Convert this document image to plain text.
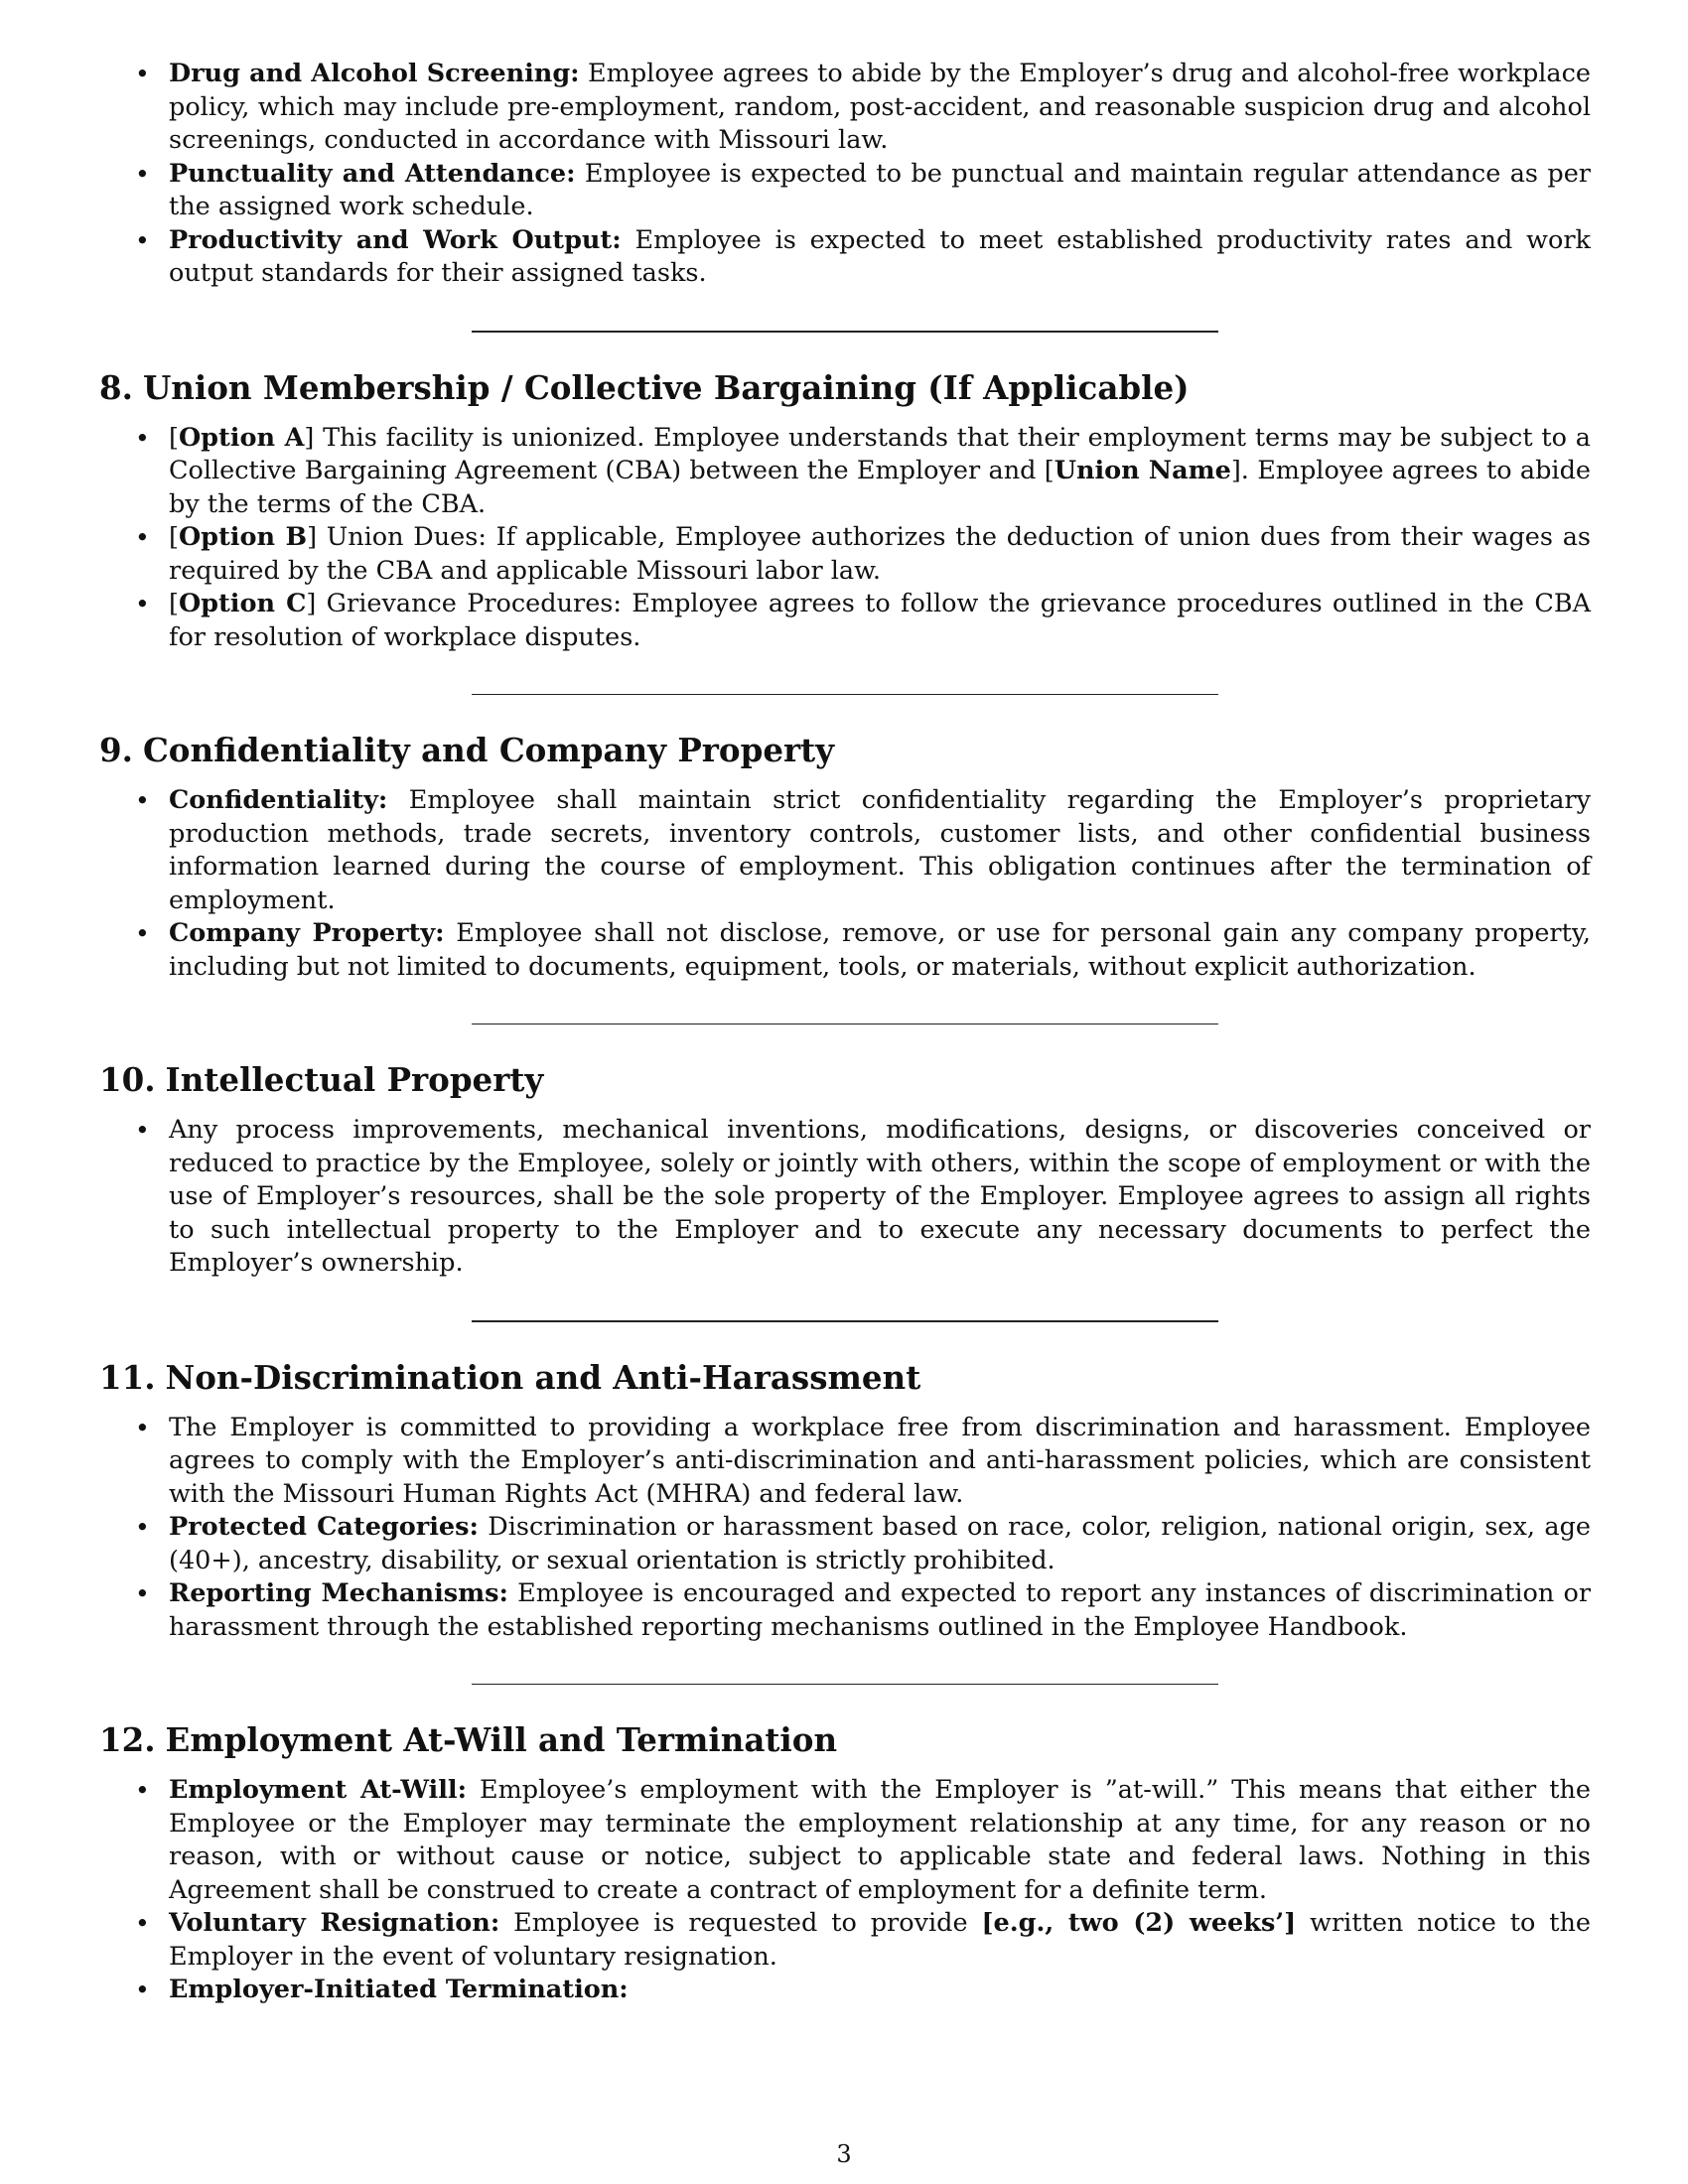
• Drug and Alcohol Screening: Employee agrees to abide by the Employer’s drug and alcohol-free workplace policy, which may include pre-employment, random, post-accident, and reasonable suspicion drug and alcohol screenings, conducted in accordance with Missouri law.
• Punctuality and Attendance: Employee is expected to be punctual and maintain regular attendance as per the assigned work schedule.
• Productivity and Work Output: Employee is expected to meet established productivity rates and work output standards for their assigned tasks.
8. Union Membership / Collective Bargaining (If Applicable)
• [Option A] This facility is unionized. Employee understands that their employment terms may be subject to a Collective Bargaining Agreement (CBA) between the Employer and [Union Name]. Employee agrees to abide by the terms of the CBA.
• [Option B] Union Dues: If applicable, Employee authorizes the deduction of union dues from their wages as required by the CBA and applicable Missouri labor law.
• [Option C] Grievance Procedures: Employee agrees to follow the grievance procedures outlined in the CBA for resolution of workplace disputes.
9. Confidentiality and Company Property
• Confidentiality: Employee shall maintain strict confidentiality regarding the Employer’s proprietary production methods, trade secrets, inventory controls, customer lists, and other confidential business information learned during the course of employment. This obligation continues after the termination of employment.
• Company Property: Employee shall not disclose, remove, or use for personal gain any company property, including but not limited to documents, equipment, tools, or materials, without explicit authorization.
10. Intellectual Property
• Any process improvements, mechanical inventions, modifications, designs, or discoveries conceived or reduced to practice by the Employee, solely or jointly with others, within the scope of employment or with the use of Employer’s resources, shall be the sole property of the Employer. Employee agrees to assign all rights to such intellectual property to the Employer and to execute any necessary documents to perfect the Employer’s ownership.
11. Non-Discrimination and Anti-Harassment
• The Employer is committed to providing a workplace free from discrimination and harassment. Employee agrees to comply with the Employer’s anti-discrimination and anti-harassment policies, which are consistent with the Missouri Human Rights Act (MHRA) and federal law.
• Protected Categories: Discrimination or harassment based on race, color, religion, national origin, sex, age (40+), ancestry, disability, or sexual orientation is strictly prohibited.
• Reporting Mechanisms: Employee is encouraged and expected to report any instances of discrimination or harassment through the established reporting mechanisms outlined in the Employee Handbook.
12. Employment At-Will and Termination
• Employment At-Will: Employee’s employment with the Employer is ”at-will.” This means that either the Employee or the Employer may terminate the employment relationship at any time, for any reason or no reason, with or without cause or notice, subject to applicable state and federal laws. Nothing in this Agreement shall be construed to create a contract of employment for a definite term.
• Voluntary Resignation: Employee is requested to provide [e.g., two (2) weeks’] written notice to the Employer in the event of voluntary resignation.
• Employer-Initiated Termination:
3
